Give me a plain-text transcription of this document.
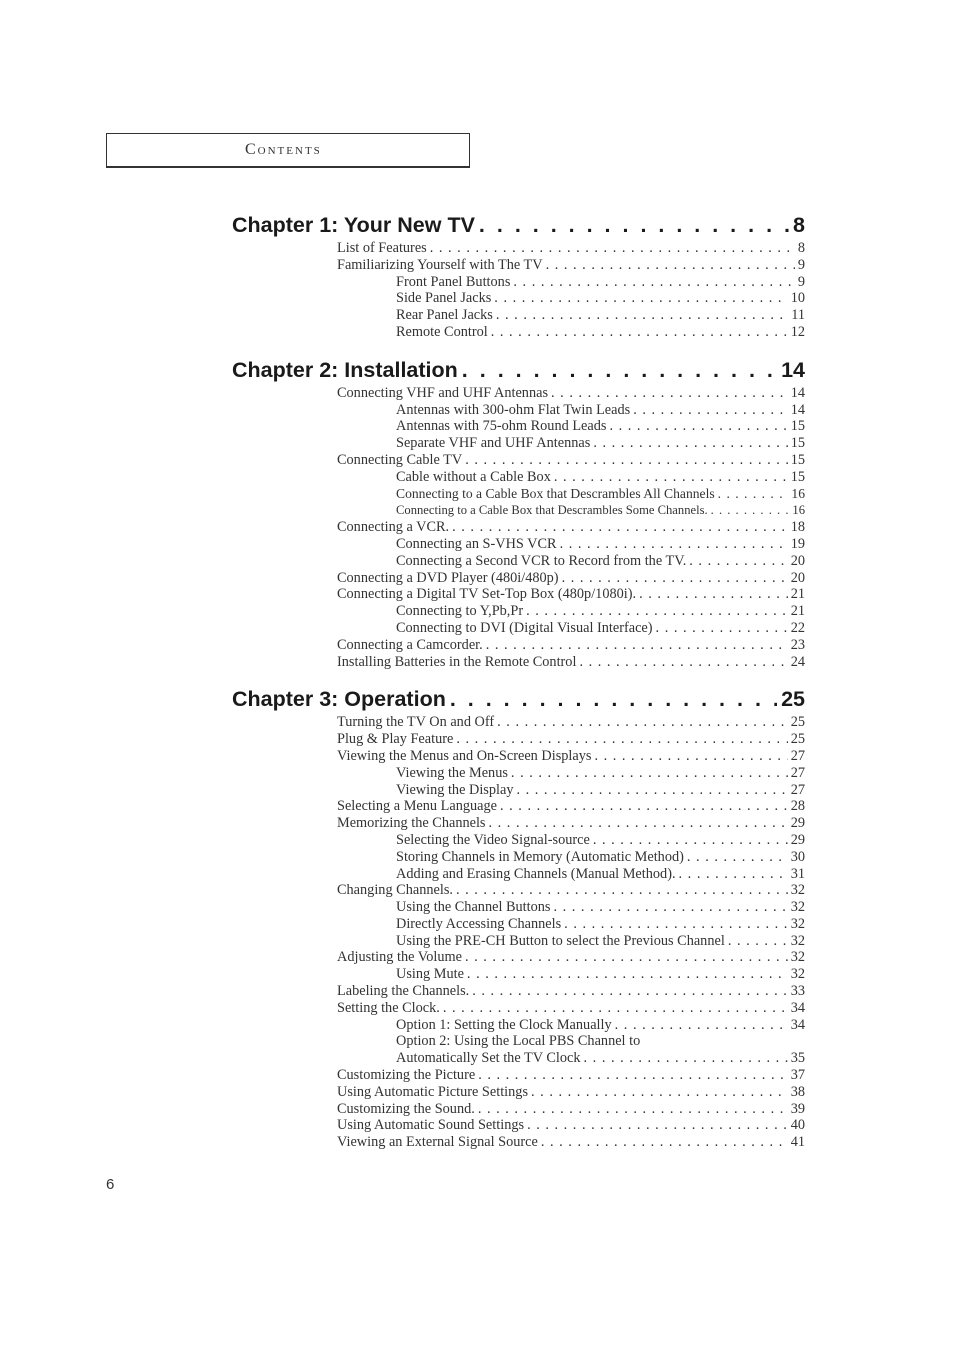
Contents
Chapter 1: Your New TV . . .	8
List of Features . . .	8
Familiarizing Yourself with The TV . . .	9
Front Panel Buttons . . .	9
Side Panel Jacks . . .	10
Rear Panel Jacks . . .	11
Remote Control . . .	12
Chapter 2: Installation . . .	14
Connecting VHF and UHF Antennas . . .	14
Antennas with 300-ohm Flat Twin Leads . . .	14
Antennas with 75-ohm Round Leads . . .	15
Separate VHF and UHF Antennas . . .	15
Connecting Cable TV . . .	15
Cable without a Cable Box . . .	15
Connecting to a Cable Box that Descrambles All Channels . . .	16
Connecting to a Cable Box that Descrambles Some Channels. . . .	16
Connecting a VCR. . . .	18
Connecting an S-VHS VCR . . .	19
Connecting a Second VCR to Record from the TV. . . .	20
Connecting a DVD Player (480i/480p) . . .	20
Connecting a Digital TV Set-Top Box (480p/1080i). . . .	21
Connecting to Y,Pb,Pr . . .	21
Connecting to DVI (Digital Visual Interface) . . .	22
Connecting a Camcorder. . . .	23
Installing Batteries in the Remote Control . . .	24
Chapter 3: Operation . . .	25
Turning the TV On and Off . . .	25
Plug & Play Feature . . .	25
Viewing the Menus and On-Screen Displays . . .	27
Viewing the Menus . . .	27
Viewing the Display . . .	27
Selecting a Menu Language . . .	28
Memorizing the Channels . . .	29
Selecting the Video Signal-source . . .	29
Storing Channels in Memory (Automatic Method) . . .	30
Adding and Erasing Channels (Manual Method). . . .	31
Changing Channels. . . .	32
Using the Channel Buttons . . .	32
Directly Accessing Channels . . .	32
Using the PRE-CH Button to select the Previous Channel . . .	32
Adjusting the Volume . . .	32
Using Mute . . .	32
Labeling the Channels. . . .	33
Setting the Clock. . . .	34
Option 1: Setting the Clock Manually . . .	34
Option 2: Using the Local PBS Channel to
Automatically Set the TV Clock . . .	35
Customizing the Picture . . .	37
Using Automatic Picture Settings . . .	38
Customizing the Sound. . . .	39
Using Automatic Sound Settings . . .	40
Viewing an External Signal Source . . .	41
6
